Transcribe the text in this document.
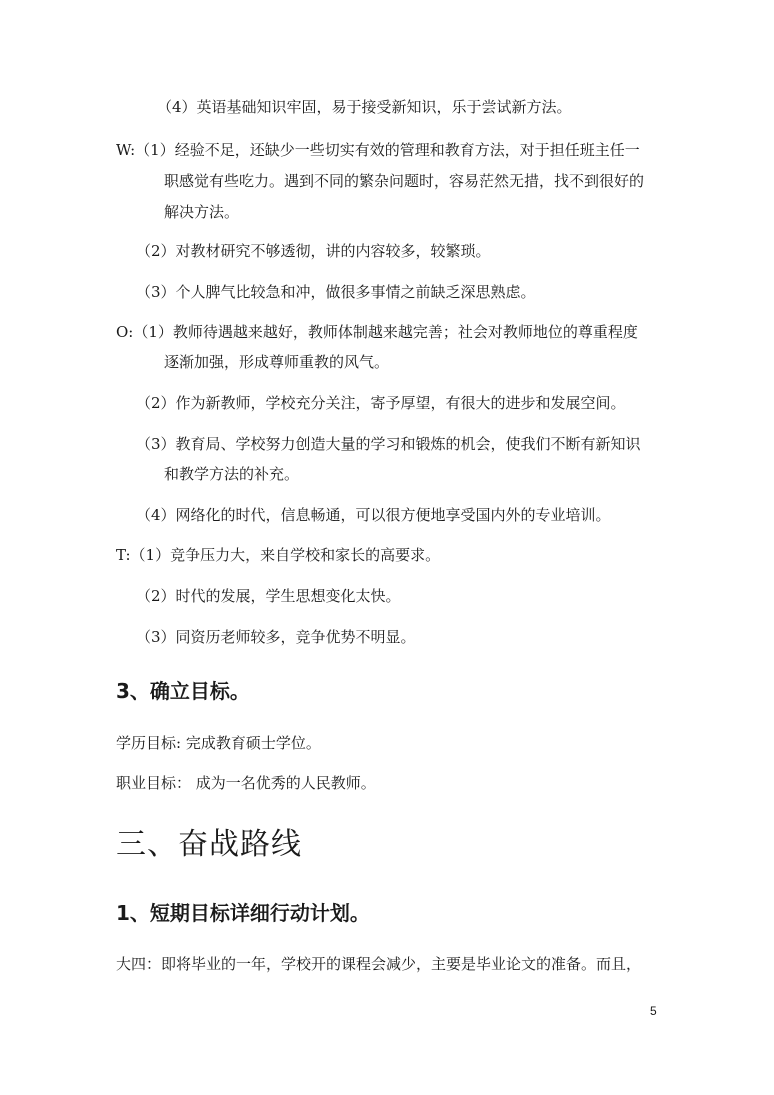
（4）英语基础知识牢固，易于接受新知识，乐于尝试新方法。
W:（1）经验不足，还缺少一些切实有效的管理和教育方法，对于担任班主任一
职感觉有些吃力。遇到不同的繁杂问题时，容易茫然无措，找不到很好的
解决方法。
（2）对教材研究不够透彻，讲的内容较多，较繁琐。
（3）个人脾气比较急和冲，做很多事情之前缺乏深思熟虑。
O:（1）教师待遇越来越好，教师体制越来越完善；社会对教师地位的尊重程度
逐渐加强，形成尊师重教的风气。
（2）作为新教师，学校充分关注，寄予厚望，有很大的进步和发展空间。
（3）教育局、学校努力创造大量的学习和锻炼的机会，使我们不断有新知识
和教学方法的补充。
（4）网络化的时代，信息畅通，可以很方便地享受国内外的专业培训。
T:（1）竞争压力大，来自学校和家长的高要求。
（2）时代的发展，学生思想变化太快。
（3）同资历老师较多，竞争优势不明显。
3、确立目标。
学历目标: 完成教育硕士学位。
职业目标： 成为一名优秀的人民教师。
三、奋战路线
1、短期目标详细行动计划。
大四：即将毕业的一年，学校开的课程会减少，主要是毕业论文的准备。而且，
5
